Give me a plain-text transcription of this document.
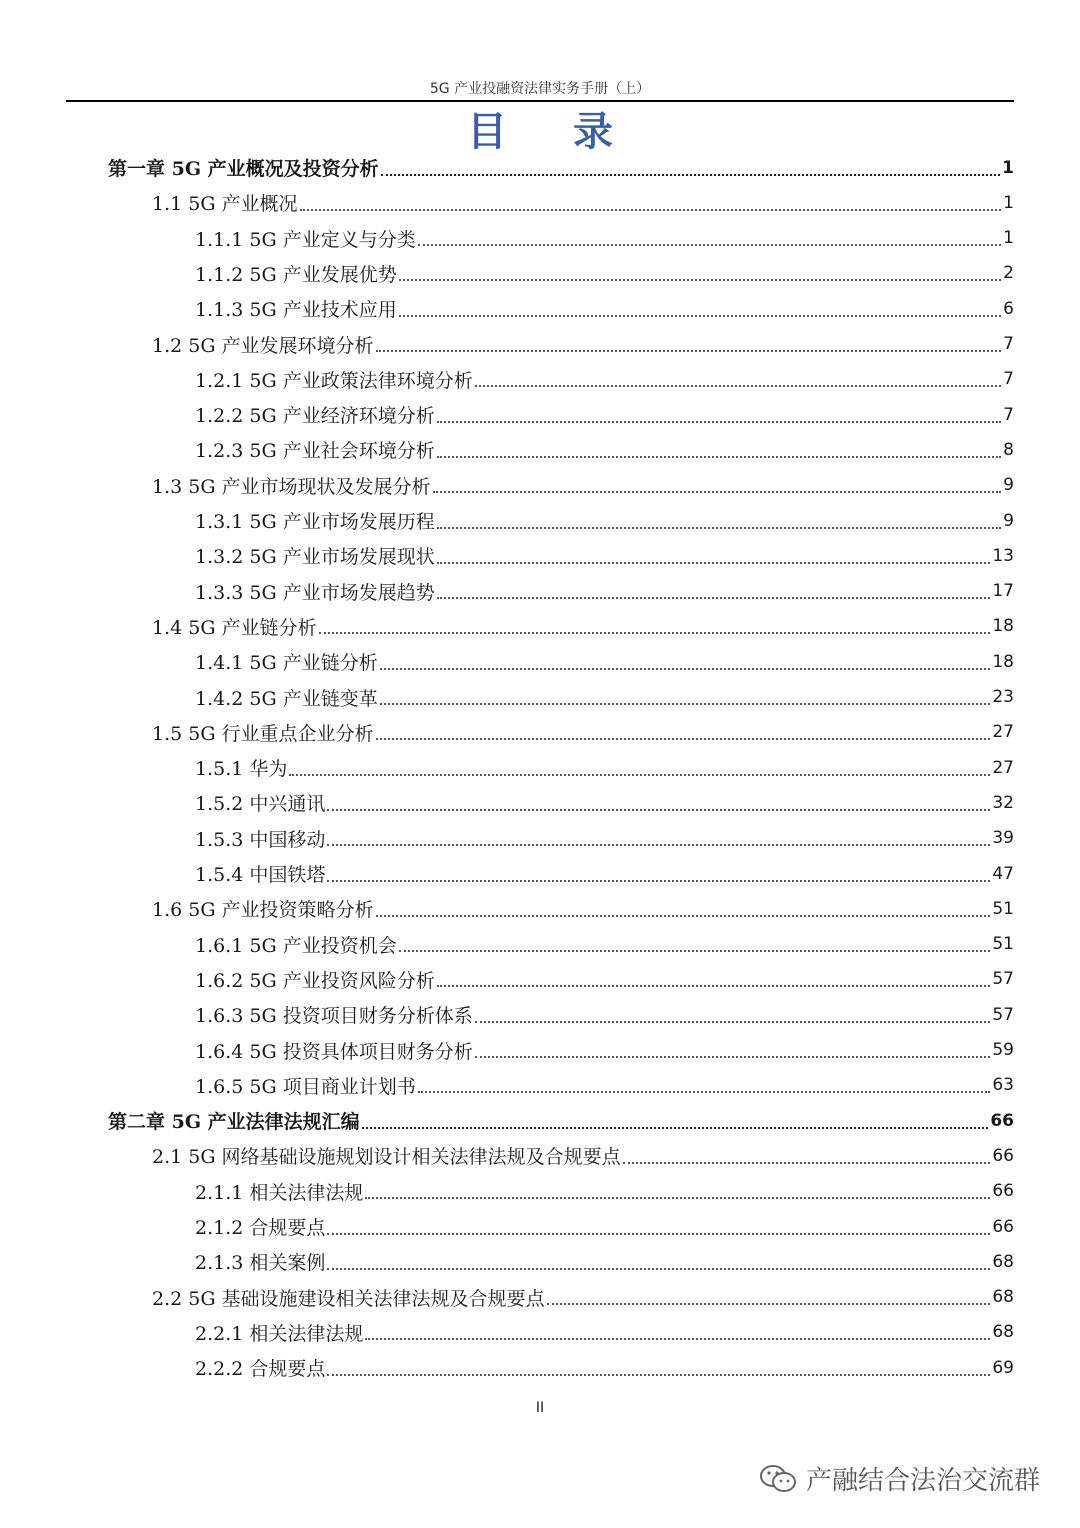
5G 产业投融资法律实务手册（上）
目 录
第一章 5G 产业概况及投资分析	1
1.1 5G 产业概况	1
1.1.1 5G 产业定义与分类	1
1.1.2 5G 产业发展优势	2
1.1.3 5G 产业技术应用	6
1.2 5G 产业发展环境分析	7
1.2.1 5G 产业政策法律环境分析	7
1.2.2 5G 产业经济环境分析	7
1.2.3 5G 产业社会环境分析	8
1.3 5G 产业市场现状及发展分析	9
1.3.1 5G 产业市场发展历程	9
1.3.2 5G 产业市场发展现状	13
1.3.3 5G 产业市场发展趋势	17
1.4 5G 产业链分析	18
1.4.1 5G 产业链分析	18
1.4.2 5G 产业链变革	23
1.5 5G 行业重点企业分析	27
1.5.1 华为	27
1.5.2 中兴通讯	32
1.5.3 中国移动	39
1.5.4 中国铁塔	47
1.6 5G 产业投资策略分析	51
1.6.1 5G 产业投资机会	51
1.6.2 5G 产业投资风险分析	57
1.6.3 5G 投资项目财务分析体系	57
1.6.4 5G 投资具体项目财务分析	59
1.6.5 5G 项目商业计划书	63
第二章 5G 产业法律法规汇编	66
2.1 5G 网络基础设施规划设计相关法律法规及合规要点	66
2.1.1 相关法律法规	66
2.1.2 合规要点	66
2.1.3 相关案例	68
2.2 5G 基础设施建设相关法律法规及合规要点	68
2.2.1 相关法律法规	68
2.2.2 合规要点	69
II
产融结合法治交流群
